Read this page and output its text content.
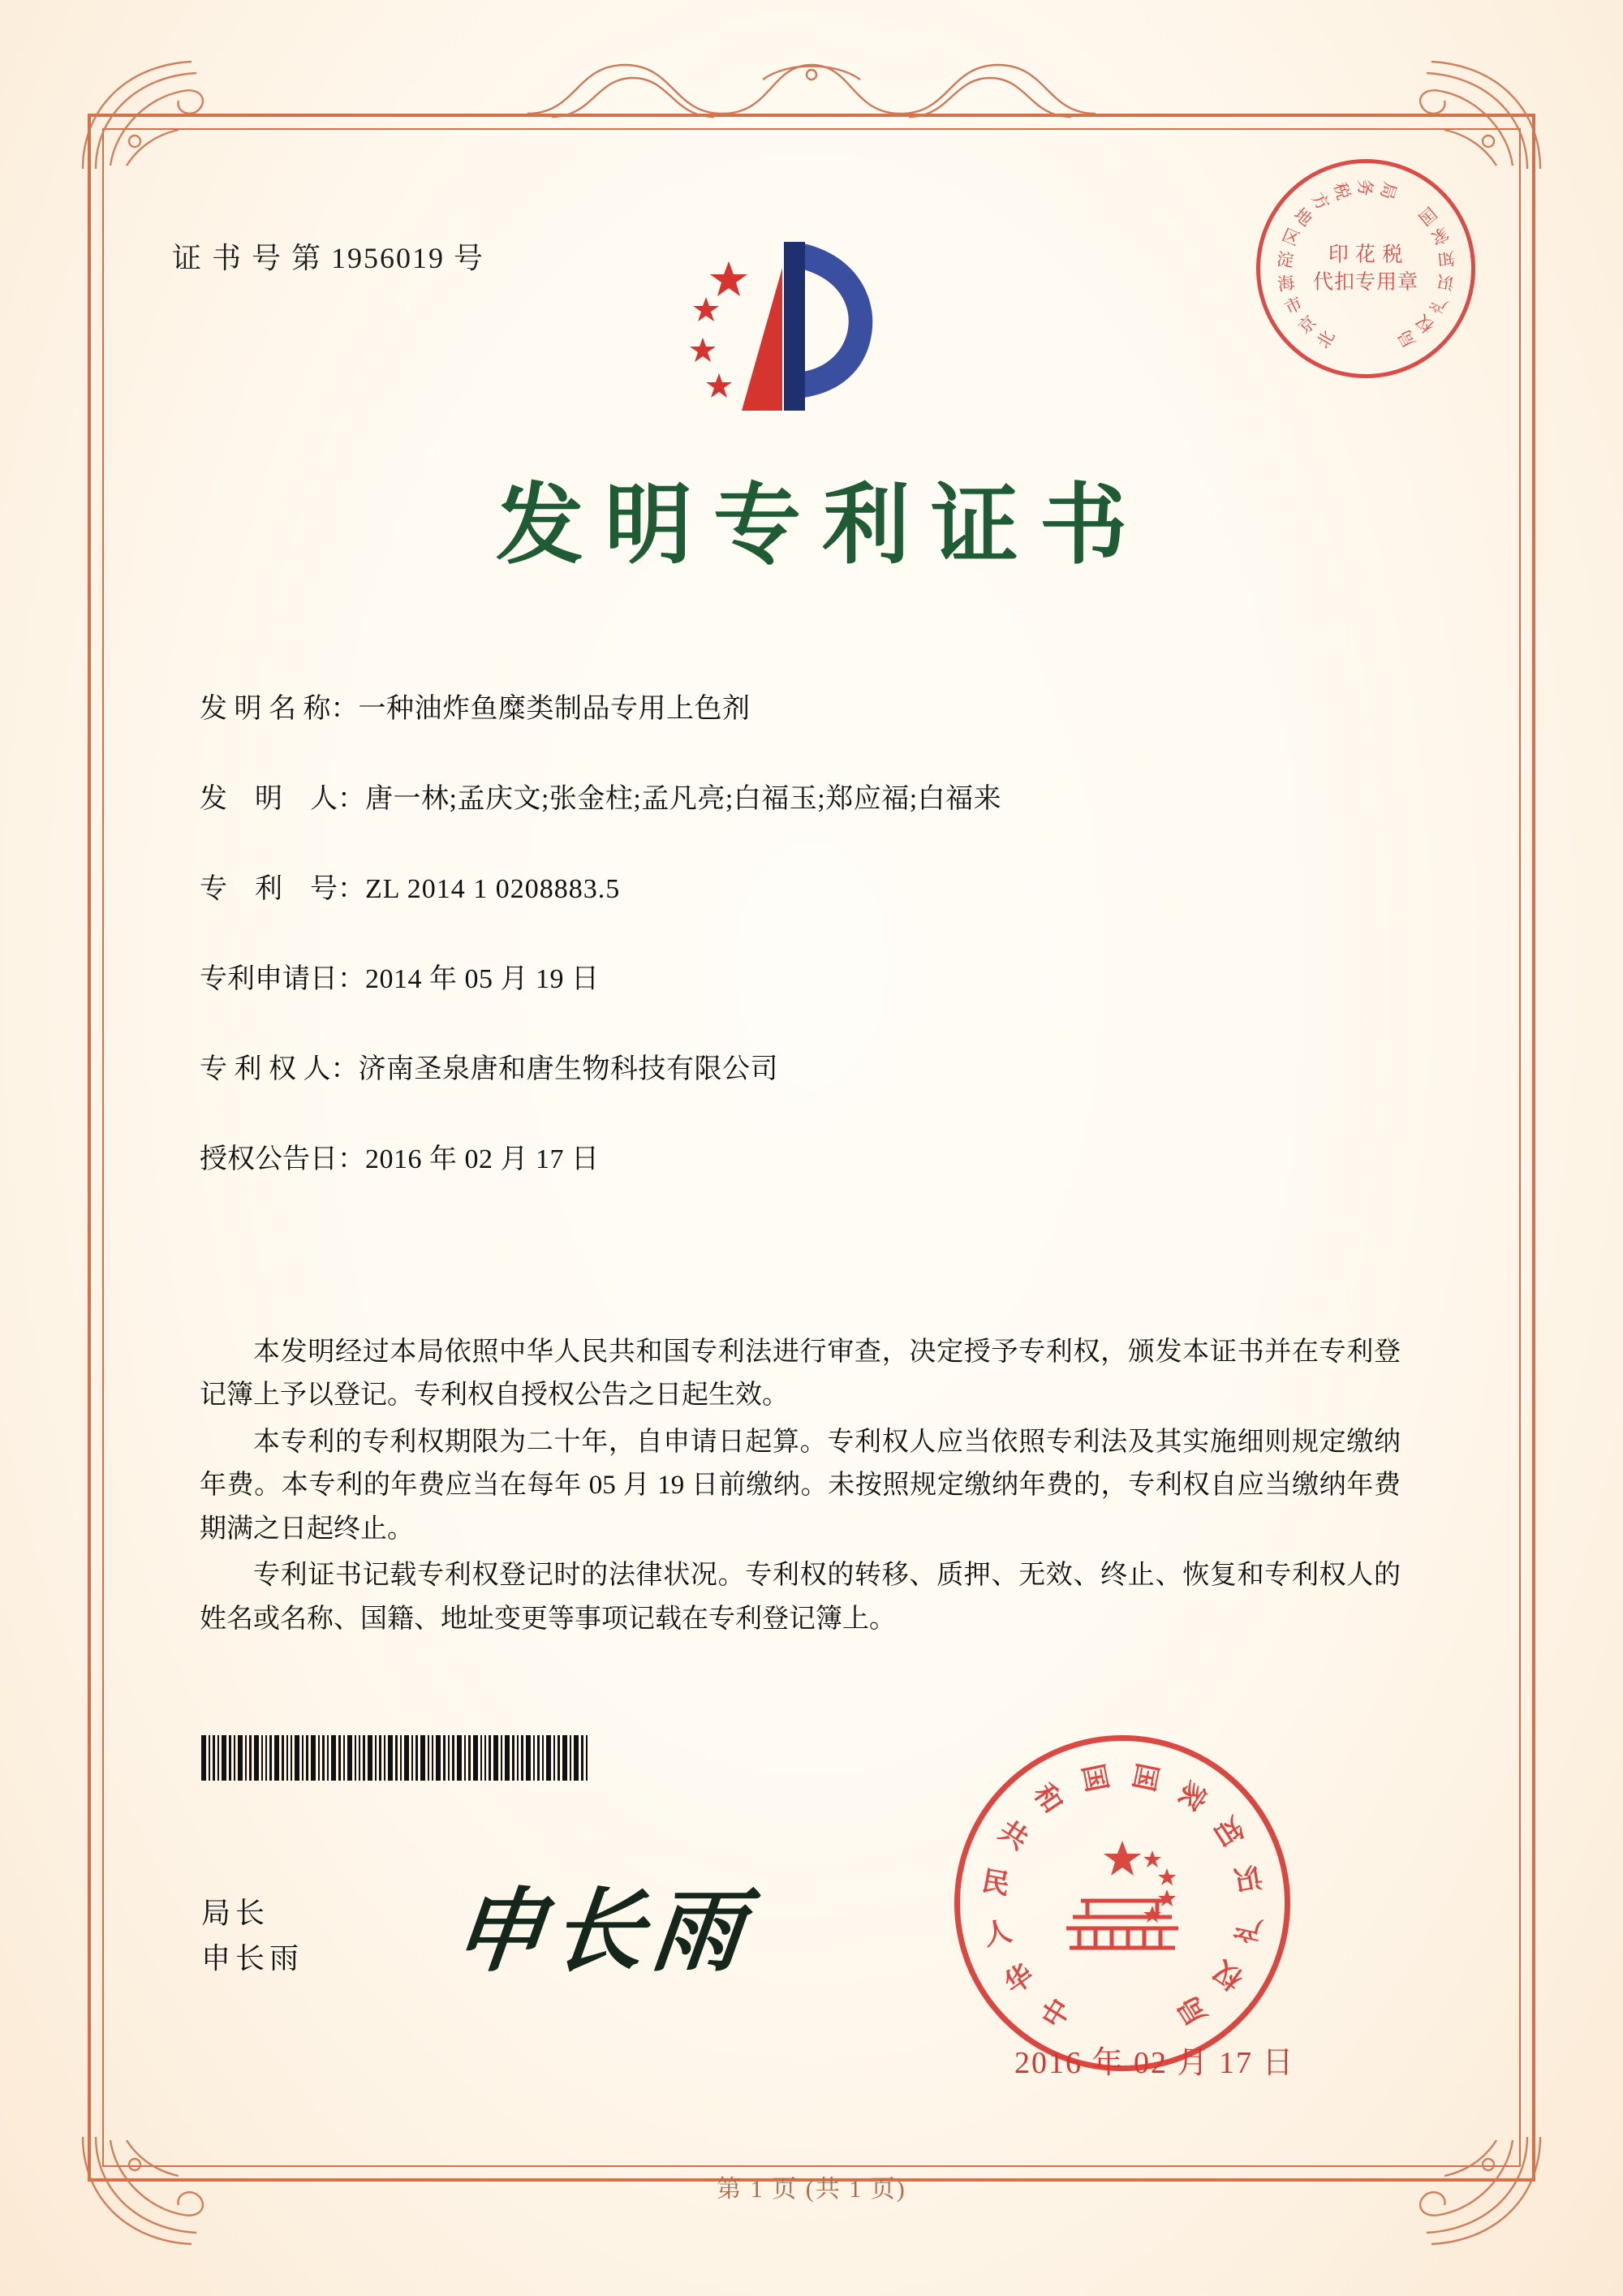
证 书 号 第 1956019 号
北
京
市
海
淀
区
地
方
税 务 局
国
家
知
识
产
权
局
印 花 税
代扣专用章
发明专利证书
发 明 名 称 ： 一种油炸鱼糜类制品专用上色剂
发　明　人 ： 唐一林;孟庆文;张金柱;孟凡亮;白福玉;郑应福;白福来
专　利　号 ： ZL 2014 1 0208883.5
专利申请日 ： 2014 年 05 月 19 日
专 利 权 人 ： 济南圣泉唐和唐生物科技有限公司
授权公告日 ： 2016 年 02 月 17 日

本发明经过本局依照中华人民共和国专利法进行审查，决定授予专利权，颁发本证书并在专利登记簿上予以登记。专利权自授权公告之日起生效。

本专利的专利权期限为二十年，自申请日起算。专利权人应当依照专利法及其实施细则规定缴纳年费。本专利的年费应当在每年 05 月 19 日前缴纳。未按照规定缴纳年费的，专利权自应当缴纳年费期满之日起终止。

专利证书记载专利权登记时的法律状况。专利权的转移、质押、无效、终止、恢复和专利权人的姓名或名称、国籍、地址变更等事项记载在专利登记簿上。

局长
申长雨 申长雨
中
华
人
民
共
和
国 国 家
知
识
产
权
局
2016 年 02 月 17 日
第 1 页 (共 1 页)
